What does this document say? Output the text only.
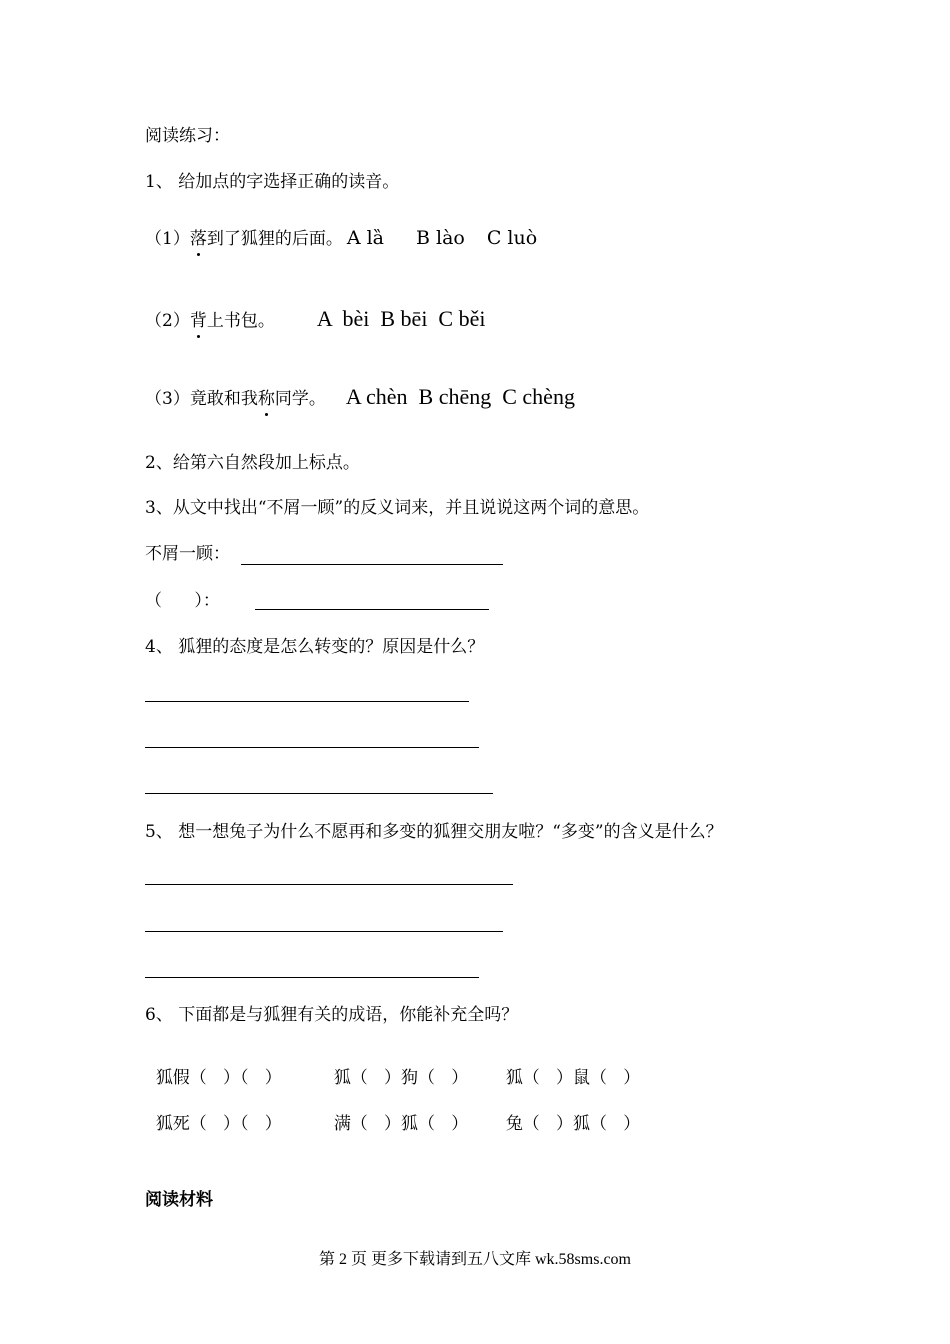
阅读练习：
1、 给加点的字选择正确的读音。
（1）落到了狐狸的后面。 A lȁ B lào C luò
（2）背上书包。 A  bèi  B bēi  C běi
（3）竟敢和我称同学。 A chèn  B chēng  C chèng
2、给第六自然段加上标点。
3、从文中找出“不屑一顾”的反义词来，并且说说这两个词的意思。
不屑一顾：
（      ）：
4、 狐狸的态度是怎么转变的？原因是什么？
5、 想一想兔子为什么不愿再和多变的狐狸交朋友啦？“多变”的含义是什么？
6、 下面都是与狐狸有关的成语，你能补充全吗？

狐假（   ）（   ）	狐（   ）狗（   ） 狐（   ）鼠（   ）

狐死（   ）（   ）	满（   ）狐（   ） 兔（   ）狐（   ）

阅读材料
第 2 页 更多下载请到五八文库 wk.58sms.com
